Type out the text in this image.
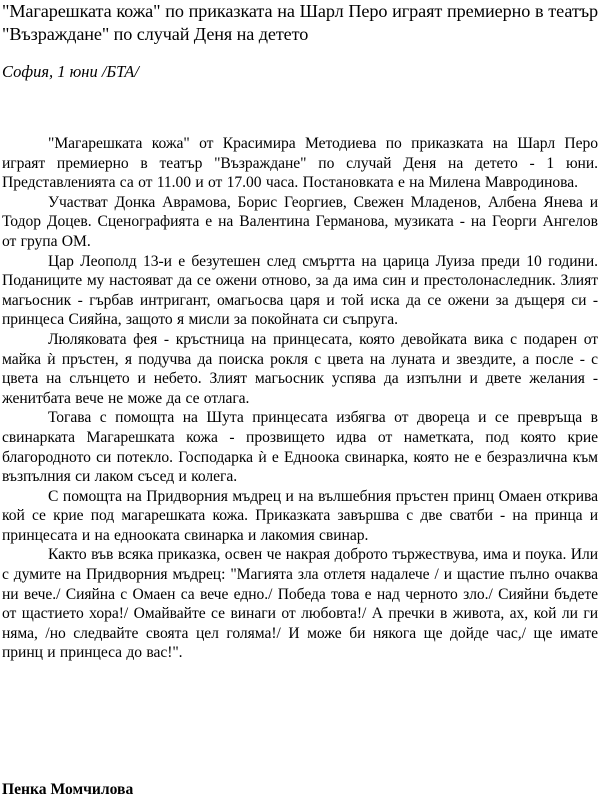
"Магарешката кожа" по приказката на Шарл Перо играят премиерно в театър "Възраждане" по случай Деня на детето

София, 1 юни /БТА/

"Магарешката кожа" от Красимира Методиева по приказката на Шарл Перо играят премиерно в театър "Възраждане" по случай Деня на детето - 1 юни. Представленията са от 11.00 и от 17.00 часа. Постановката е на Милена Мавродинова.

Участват Донка Аврамова, Борис Георгиев, Свежен Младенов, Албена Янева и Тодор Доцев. Сценографията е на Валентина Германова, музиката - на Георги Ангелов от група ОМ.

Цар Леополд 13-и е безутешен след смъртта на царица Луиза преди 10 години. Поданиците му настояват да се ожени отново, за да има син и престолонаследник. Злият магьосник - гърбав интригант, омагьосва царя и той иска да се ожени за дъщеря си - принцеса Сияйна, защото я мисли за покойната си съпруга.

Люляковата фея - кръстница на принцесата, която девойката вика с подарен от майка ѝ пръстен, я подучва да поиска рокля с цвета на луната и звездите, а после - с цвета на слънцето и небето. Злият магьосник успява да изпълни и двете желания - женитбата вече не може да се отлага.

Тогава с помощта на Шута принцесата избягва от двореца и се превръща в свинарката Магарешката кожа - прозвището идва от наметката, под която крие благородното си потекло. Господарка ѝ е Едноока свинарка, която не е безразлична към възпълния си лаком съсед и колега.

С помощта на Придворния мъдрец и на вълшебния пръстен принц Омаен открива кой се крие под магарешката кожа. Приказката завършва с две сватби - на принца и принцесата и на едноокатa свинарка и лакомия свинар.

Както във всяка приказка, освен че накрая доброто тържествува, има и поука. Или с думите на Придворния мъдрец: "Магията зла отлетя надалече / и щастие пълно очаква ни вече./ Сияйна с Омаен са вече едно./ Победа това е над черното зло./ Сияйни бъдете от щастието хора!/ Омайвайте се винаги от любовта!/ А пречки в живота, ах, кой ли ги няма, /но следвайте своята цел голяма!/ И може би някога ще дойде час,/ ще имате принц и принцеса до вас!".

Пенка Момчилова
